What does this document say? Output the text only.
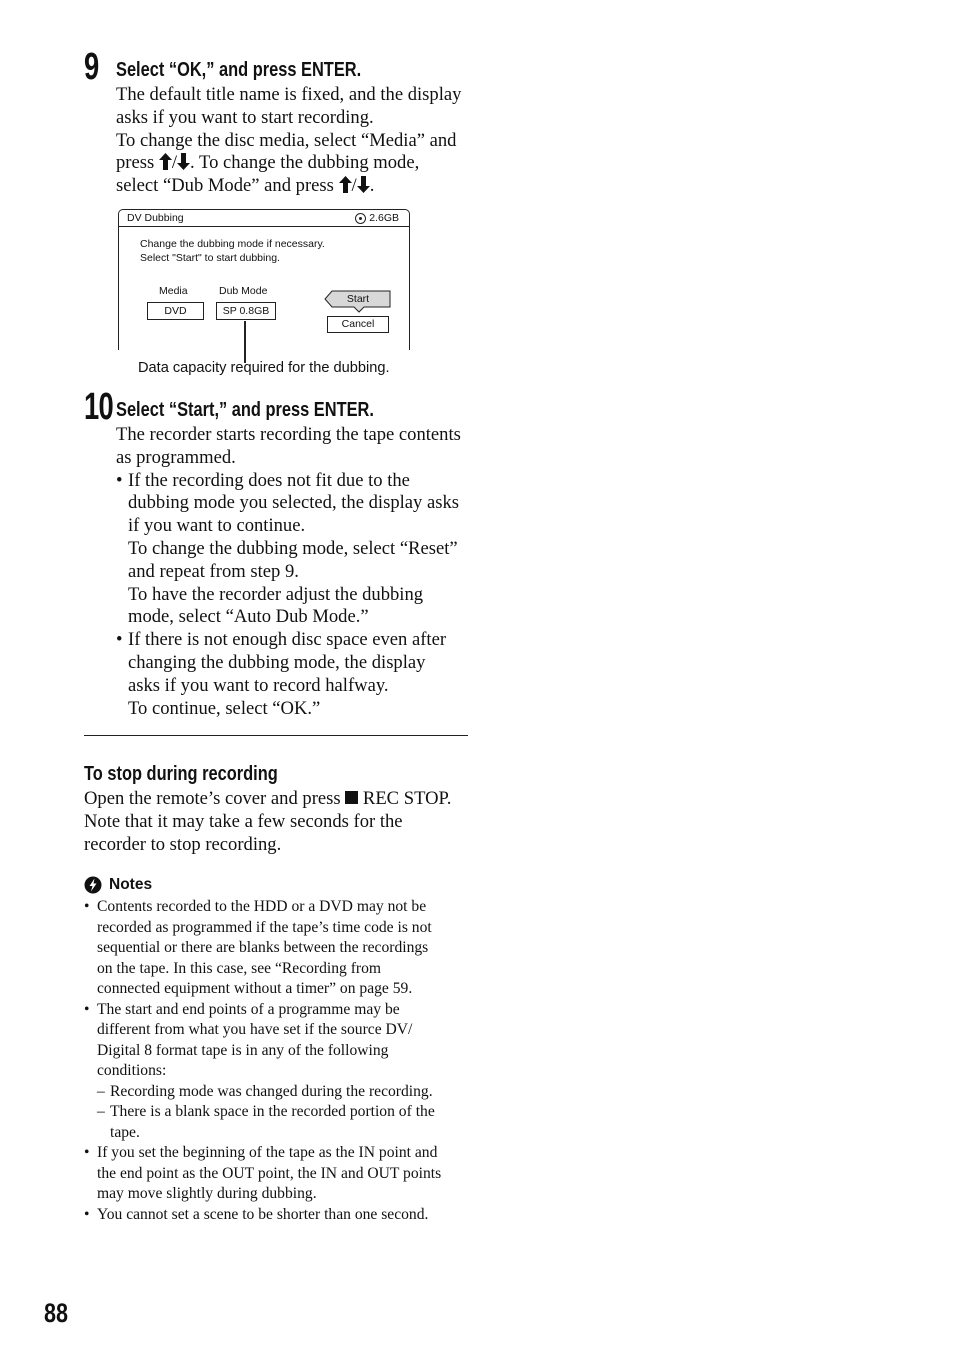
9 Select “OK,” and press ENTER.

The default title name is fixed, and the display

asks if you want to start recording.

To change the disc media, select “Media” and

press / . To change the dubbing mode,

select “Dub Mode” and press / .

DV Dubbing	2.6GB
Change the dubbing mode if necessary.
Select "Start" to start dubbing.
Media
DVD
Dub Mode
SP 0.8GB
Start
Cancel
Data capacity required for the dubbing.
10 Select “Start,” and press ENTER.

The recorder starts recording the tape contents

as programmed.

• If the recording does not fit due to the

dubbing mode you selected, the display asks

if you want to continue.

To change the dubbing mode, select “Reset”

and repeat from step 9.

To have the recorder adjust the dubbing

mode, select “Auto Dub Mode.”

• If there is not enough disc space even after

changing the dubbing mode, the display

asks if you want to record halfway.

To continue, select “OK.”

To stop during recording

Open the remote’s cover and press  REC STOP.

Note that it may take a few seconds for the

recorder to stop recording.

Notes
• Contents recorded to the HDD or a DVD may not be
recorded as programmed if the tape’s time code is not
sequential or there are blanks between the recordings
on the tape. In this case, see “Recording from
connected equipment without a timer” on page 59.
• The start and end points of a programme may be
different from what you have set if the source DV/
Digital 8 format tape is in any of the following
conditions:
– Recording mode was changed during the recording.
– There is a blank space in the recorded portion of the
tape.
• If you set the beginning of the tape as the IN point and
the end point as the OUT point, the IN and OUT points
may move slightly during dubbing.
• You cannot set a scene to be shorter than one second.
88
